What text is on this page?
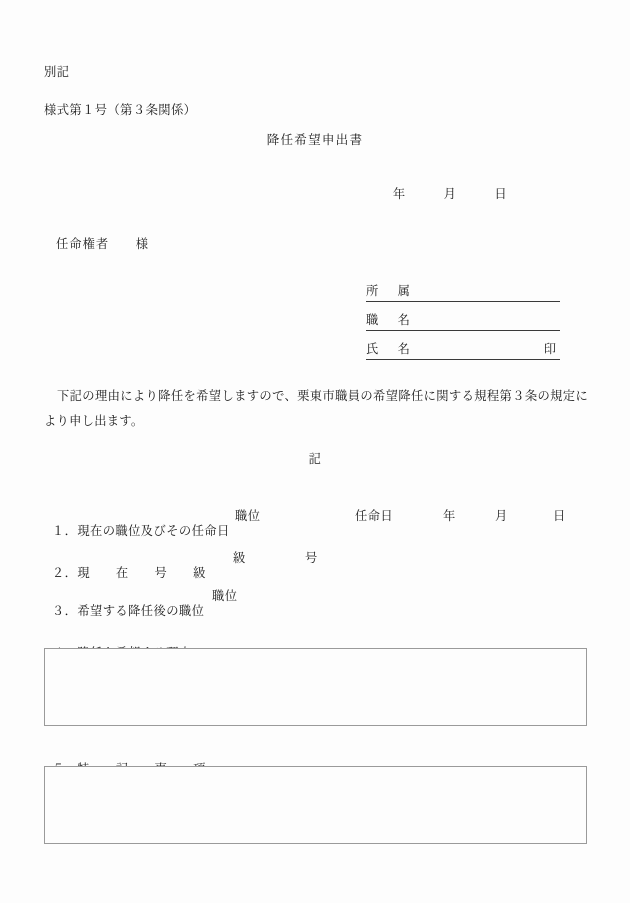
別記
様式第１号（第３条関係）
降任希望申出書
年　　　月　　　日
任命権者　　様
所　属
職　名
氏　名	印
下記の理由により降任を希望しますので、栗東市職員の希望降任に関する規程第３条の規定により申し出ます。
記

１．現在の職位及びその任命日

職位	任命日	年	月	日

２．現　在　号　級

級	号

３．希望する降任後の職位

職位
